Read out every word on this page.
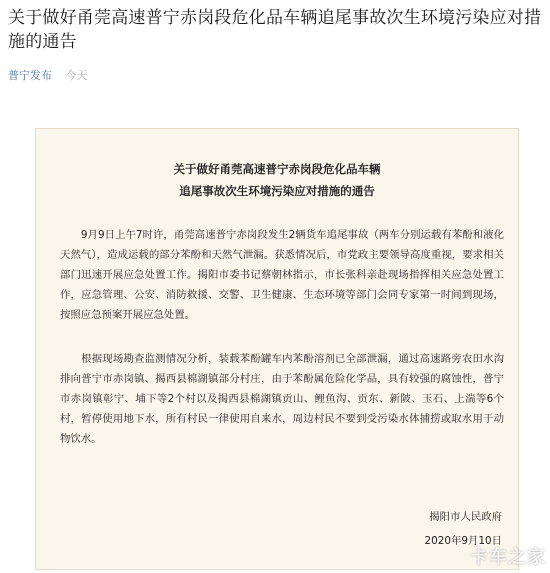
关于做好甬莞高速普宁赤岗段危化品车辆追尾事故次生环境污染应对措施的通告
普宁发布 今天
关于做好甬莞高速普宁赤岗段危化品车辆
追尾事故次生环境污染应对措施的通告
　　9月9日上午7时许，甬莞高速普宁赤岗段发生2辆货车追尾事故（两车分别运载有苯酚和液化天然气），造成运载的部分苯酚和天然气泄漏。获悉情况后，市党政主要领导高度重视，要求相关部门迅速开展应急处置工作。揭阳市委书记蔡朝林指示，市长张科亲赴现场指挥相关应急处置工作，应急管理、公安、消防救援、交警、卫生健康、生态环境等部门会同专家第一时间到现场，按照应急预案开展应急处置。
　　根据现场勘查监测情况分析，装载苯酚罐车内苯酚溶剂已全部泄漏，通过高速路旁农田水沟排向普宁市赤岗镇、揭西县棉湖镇部分村庄，由于苯酚属危险化学品，具有较强的腐蚀性，普宁市赤岗镇彰宁、埔下等2个村以及揭西县棉湖镇贡山、鲤鱼沟、贡东、新陂、玉石、上湍等6个村，暂停使用地下水，所有村民一律使用自来水，周边村民不要到受污染水体捕捞或取水用于动物饮水。
揭阳市人民政府
2020年9月10日
卡车之家
